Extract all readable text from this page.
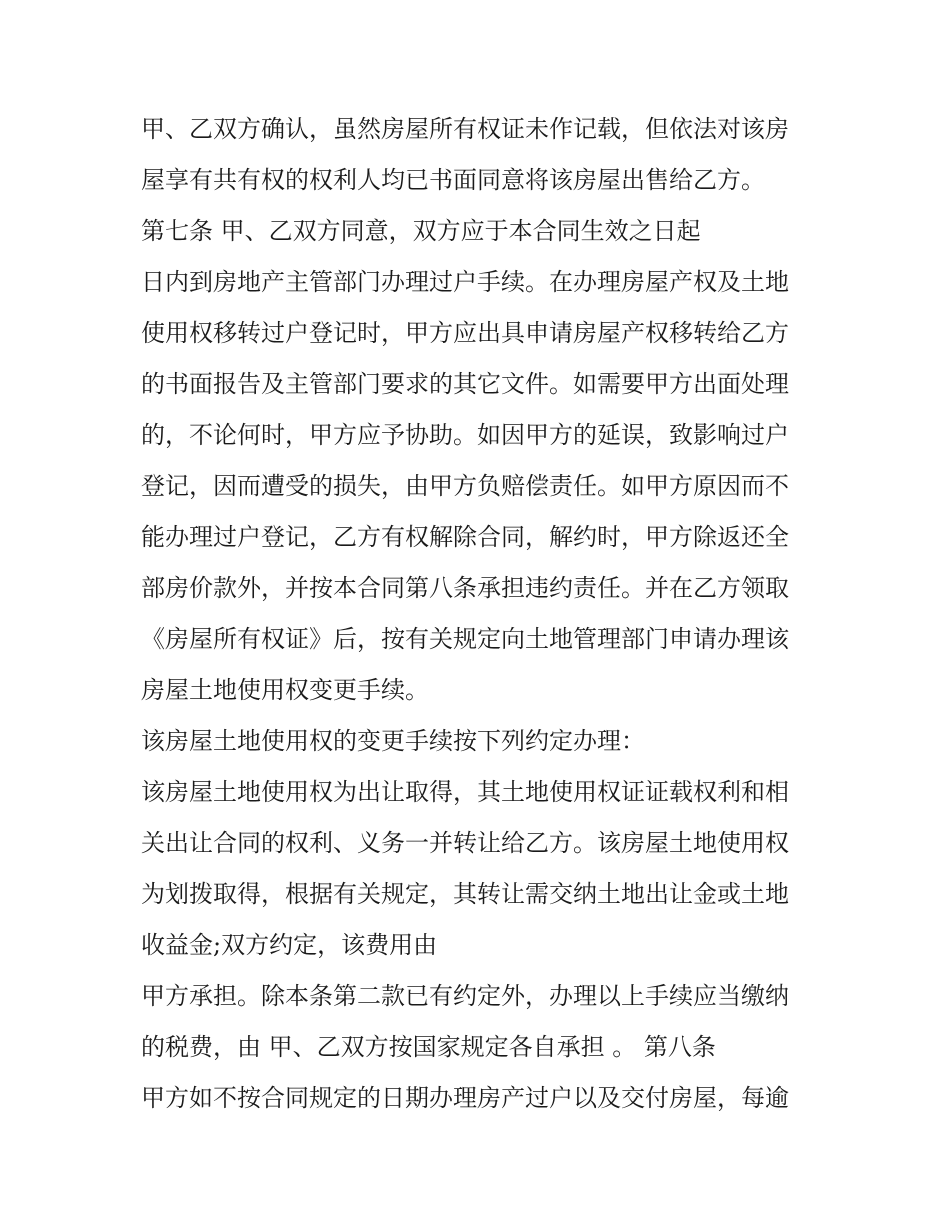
甲、乙双方确认，虽然房屋所有权证未作记载，但依法对该房
屋享有共有权的权利人均已书面同意将该房屋出售给乙方。
第七条 甲、乙双方同意，双方应于本合同生效之日起
日内到房地产主管部门办理过户手续。在办理房屋产权及土地
使用权移转过户登记时，甲方应出具申请房屋产权移转给乙方
的书面报告及主管部门要求的其它文件。如需要甲方出面处理
的，不论何时，甲方应予协助。如因甲方的延误，致影响过户
登记，因而遭受的损失，由甲方负赔偿责任。如甲方原因而不
能办理过户登记，乙方有权解除合同，解约时，甲方除返还全
部房价款外，并按本合同第八条承担违约责任。并在乙方领取
《房屋所有权证》后，按有关规定向土地管理部门申请办理该
房屋土地使用权变更手续。
该房屋土地使用权的变更手续按下列约定办理：
该房屋土地使用权为出让取得，其土地使用权证证载权利和相
关出让合同的权利、义务一并转让给乙方。该房屋土地使用权
为划拨取得，根据有关规定，其转让需交纳土地出让金或土地
收益金;双方约定，该费用由
甲方承担。除本条第二款已有约定外，办理以上手续应当缴纳
的税费，由 甲、乙双方按国家规定各自承担 。 第八条
甲方如不按合同规定的日期办理房产过户以及交付房屋，每逾
